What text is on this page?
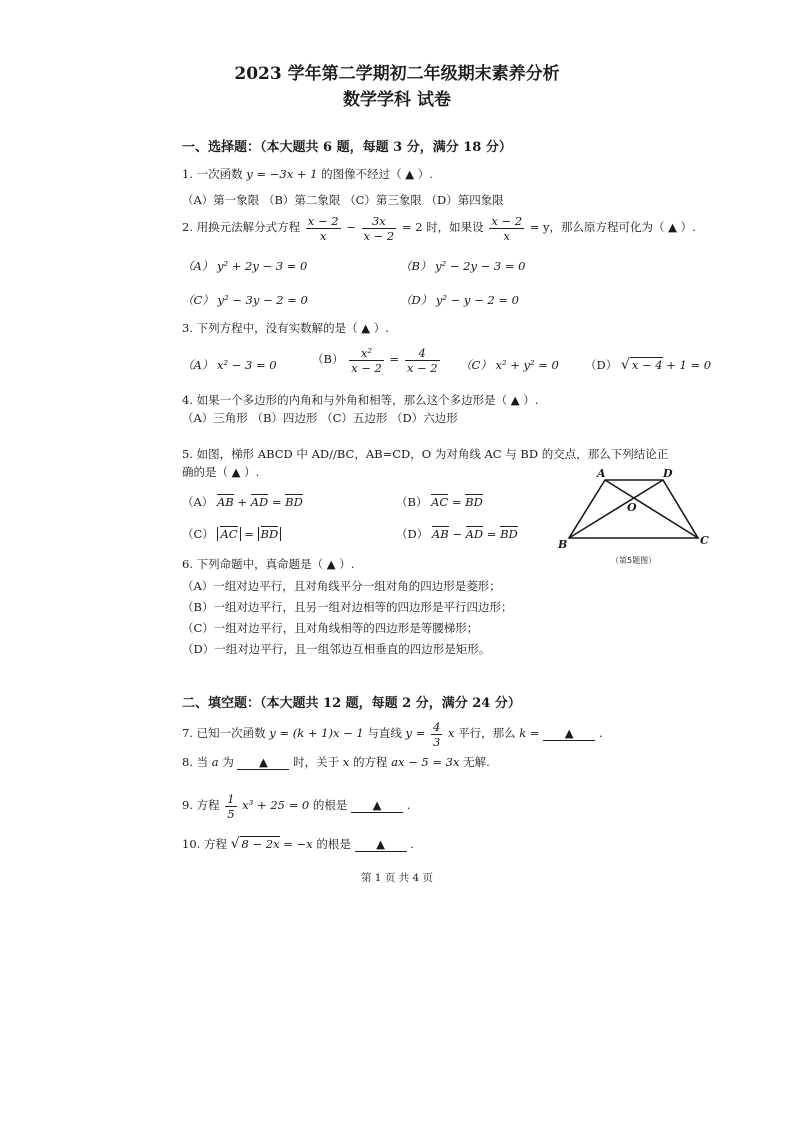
2023 学年第二学期初二年级期末素养分析
数学学科 试卷
一、选择题：（本大题共 6 题，每题 3 分，满分 18 分）
1. 一次函数 y = −3x + 1 的图像不经过（ ▲ ）.
（A）第一象限 （B）第二象限 （C）第三象限 （D）第四象限
2. 用换元法解分式方程 $\frac{x - 2}{x} - \frac{3x}{x - 2} = 2$ 时，如果设 $\frac{x - 2}{x} = y$，那么原方程可化为（ ▲ ）.
（A） y² + 2y − 3 = 0	（B） y² − 2y − 3 = 0
（C） y² − 3y − 2 = 0	（D） y² − y − 2 = 0
3. 下列方程中，没有实数解的是（ ▲ ）.
（A） x² − 3 = 0	$(B) \frac{\text{x²}}{x - 2} = \frac{4}{x - 2} (C) x^2 + y^2 = 0$ （D） √ x − 4 + 1 = 0
4. 如果一个多边形的内角和与外角和相等，那么这个多边形是（ ▲ ）.
（A）三角形 （B）四边形 （C）五边形 （D）六边形
5. 如图，梯形 ABCD 中 AD//BC，AB=CD，O 为对角线 AC 与 BD 的交点，那么下列结论正
确的是（ ▲ ）.
（A） AB + AD = BD	（B） AC = BD
（C） AC = BD	（D） AB − AD = BD
A	D
B	C
O
（第5题图）
6. 下列命题中，真命题是（ ▲ ）.
（A）一组对边平行，且对角线平分一组对角的四边形是菱形；
（B）一组对边平行，且另一组对边相等的四边形是平行四边形；
（C）一组对边平行，且对角线相等的四边形是等腰梯形；
（D）一组对边平行，且一组邻边互相垂直的四边形是矩形。
二、填空题：（本大题共 12 题，每题 2 分，满分 24 分）
7. 已知一次函数 y = (k + 1)x − 1 与直线 $y = \frac{4}{3}$ x 平行，那么 k = ▲ .
8. 当 a 为 ▲ 时，关于 x 的方程 ax − 5 = 3x 无解.
9. 方程 $\frac{1}{5} x^3 + 25 = 0$ 的根是 ▲ .
10. 方程 √ 8 − 2x = −x 的根是 ▲ .
第 1 页 共 4 页
